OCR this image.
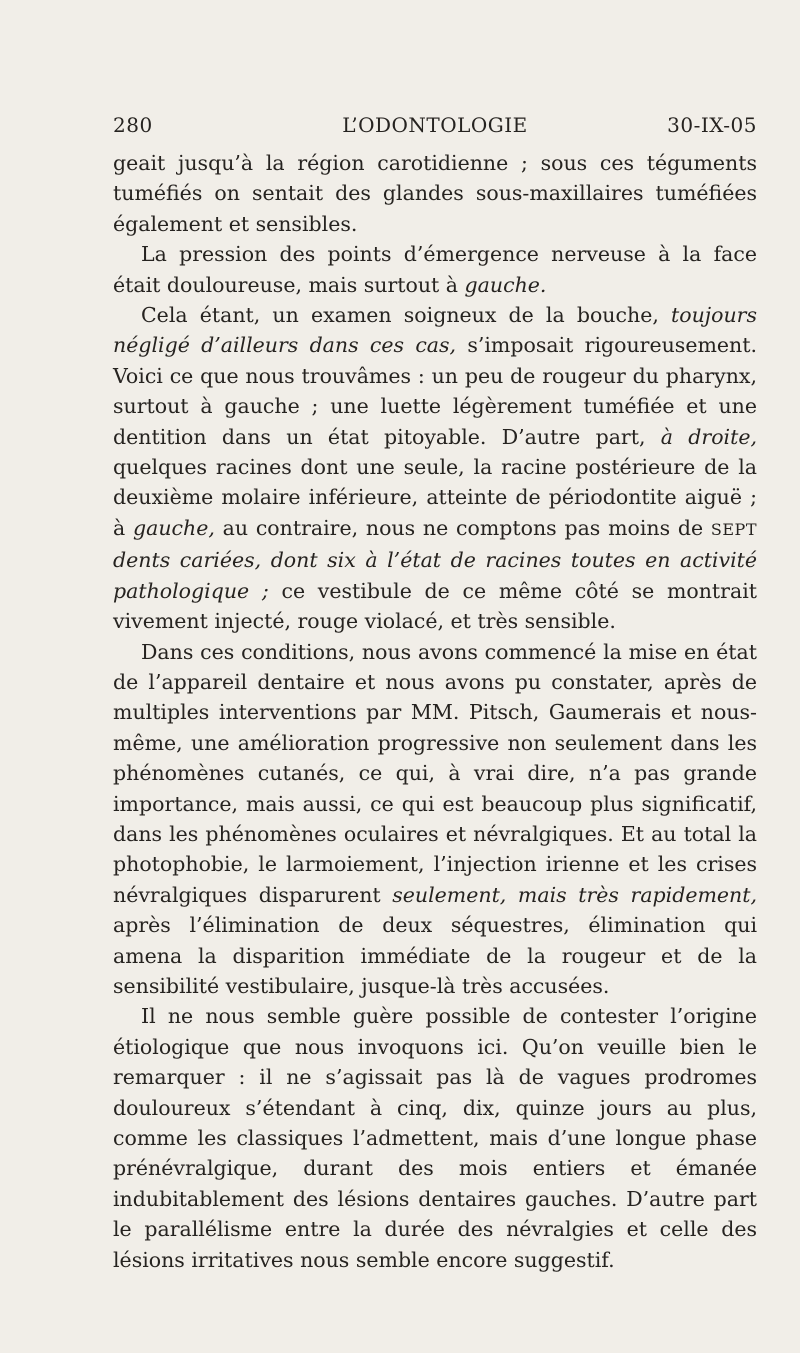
280	L’ODONTOLOGIE	30-IX-05

geait jusqu’à la région carotidienne ; sous ces téguments tuméfiés on sentait des glandes sous-maxillaires tuméfiées également et sensibles.

La pression des points d’émergence nerveuse à la face était douloureuse, mais surtout à gauche.

Cela étant, un examen soigneux de la bouche, toujours négligé d’ailleurs dans ces cas, s’imposait rigoureusement. Voici ce que nous trouvâmes : un peu de rougeur du pharynx, surtout à gauche ; une luette légèrement tuméfiée et une dentition dans un état pitoyable. D’autre part, à droite, quelques racines dont une seule, la racine postérieure de la deuxième molaire inférieure, atteinte de périodontite aiguë ; à gauche, au contraire, nous ne comptons pas moins de SEPT dents cariées, dont six à l’état de racines toutes en activité pathologique ; ce vestibule de ce même côté se montrait vivement injecté, rouge violacé, et très sensible.

Dans ces conditions, nous avons commencé la mise en état de l’appareil dentaire et nous avons pu constater, après de multiples interventions par MM. Pitsch, Gaumerais et nous-même, une amélioration progressive non seulement dans les phénomènes cutanés, ce qui, à vrai dire, n’a pas grande importance, mais aussi, ce qui est beaucoup plus significatif, dans les phénomènes oculaires et névralgiques. Et au total la photophobie, le larmoiement, l’injection irienne et les crises névralgiques disparurent seulement, mais très rapidement, après l’élimination de deux séquestres, élimination qui amena la disparition immédiate de la rougeur et de la sensibilité vestibulaire, jusque-là très accusées.

Il ne nous semble guère possible de contester l’origine étiologique que nous invoquons ici. Qu’on veuille bien le remarquer : il ne s’agissait pas là de vagues prodromes douloureux s’étendant à cinq, dix, quinze jours au plus, comme les classiques l’admettent, mais d’une longue phase prénévralgique, durant des mois entiers et émanée indubitablement des lésions dentaires gauches. D’autre part le parallélisme entre la durée des névralgies et celle des lésions irritatives nous semble encore suggestif.
